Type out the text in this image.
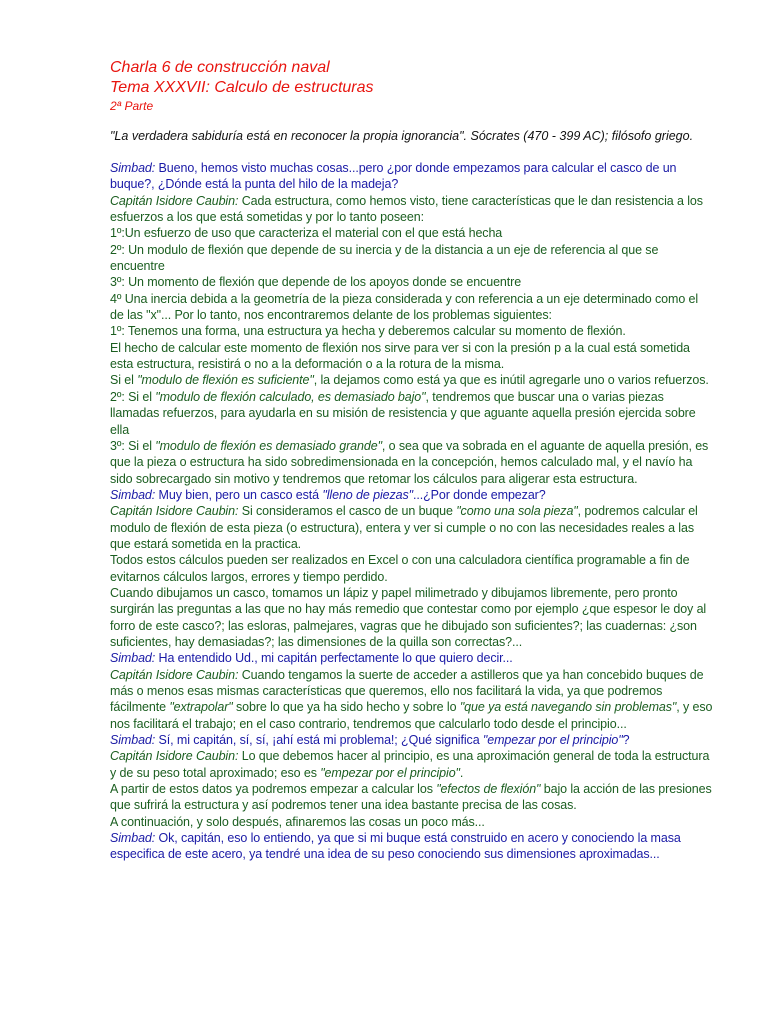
Charla 6 de construcción naval
Tema XXXVII: Calculo de estructuras
2ª Parte
"La verdadera sabiduría está en reconocer la propia ignorancia". Sócrates (470 - 399 AC); filósofo griego.
Simbad: Bueno, hemos visto muchas cosas...pero ¿por donde empezamos para calcular el casco de un buque?, ¿Dónde está la punta del hilo de la madeja?
Capitán Isidore Caubin: Cada estructura, como hemos visto, tiene características que le dan resistencia a los esfuerzos a los que está sometidas y por lo tanto poseen:
1º:Un esfuerzo de uso que caracteriza el material con el que está hecha
2º: Un modulo de flexión que depende de su inercia y de la distancia a un eje de referencia al que se encuentre
3º: Un momento de flexión que depende de los apoyos donde se encuentre
4º Una inercia debida a la geometría de la pieza considerada y con referencia a un eje determinado como el de las "x"... Por lo tanto, nos encontraremos delante de los problemas siguientes:
1º: Tenemos una forma, una estructura ya hecha y deberemos calcular su momento de flexión.
El hecho de calcular este momento de flexión nos sirve para ver si con la presión p a la cual está sometida esta estructura, resistirá o no a la deformación o a la rotura de la misma.
Si el "modulo de flexión es suficiente", la dejamos como está ya que es inútil agregarle uno o varios refuerzos.
2º: Si el "modulo de flexión calculado, es demasiado bajo", tendremos que buscar una o varias piezas llamadas refuerzos, para ayudarla en su misión de resistencia y que aguante aquella presión ejercida sobre ella
3º: Si el "modulo de flexión es demasiado grande", o sea que va sobrada en el aguante de aquella presión, es que la pieza o estructura ha sido sobredimensionada en la concepción, hemos calculado mal, y el navío ha sido sobrecargado sin motivo y tendremos que retomar los cálculos para aligerar esta estructura.
Simbad: Muy bien, pero un casco está "lleno de piezas"...¿Por donde empezar?
Capitán Isidore Caubin: Si consideramos el casco de un buque "como una sola pieza", podremos calcular el modulo de flexión de esta pieza (o estructura), entera y ver si cumple o no con las necesidades reales a las que estará sometida en la practica.
Todos estos cálculos pueden ser realizados en Excel o con una calculadora científica programable a fin de evitarnos cálculos largos, errores y tiempo perdido.
Cuando dibujamos un casco, tomamos un lápiz y papel milimetrado y dibujamos libremente, pero pronto surgirán las preguntas a las que no hay más remedio que contestar como por ejemplo ¿que espesor le doy al forro de este casco?; las esloras, palmejares, vagras que he dibujado son suficientes?; las cuadernas: ¿son suficientes, hay demasiadas?; las dimensiones de la quilla son correctas?...
Simbad: Ha entendido Ud., mi capitán perfectamente lo que quiero decir...
Capitán Isidore Caubin: Cuando tengamos la suerte de acceder a astilleros que ya han concebido buques de más o menos esas mismas características que queremos, ello nos facilitará la vida, ya que podremos fácilmente "extrapolar" sobre lo que ya ha sido hecho y sobre lo "que ya está navegando sin problemas", y eso nos facilitará el trabajo; en el caso contrario, tendremos que calcularlo todo desde el principio...
Simbad: Sí, mi capitán, sí, sí, ¡ahí está mi problema!; ¿Qué significa "empezar por el principio"?
Capitán Isidore Caubin: Lo que debemos hacer al principio, es una aproximación general de toda la estructura y de su peso total aproximado; eso es "empezar por el principio".
A partir de estos datos ya podremos empezar a calcular los "efectos de flexión" bajo la acción de las presiones que sufrirá la estructura y así podremos tener una idea bastante precisa de las cosas.
A continuación, y solo después, afinaremos las cosas un poco más...
Simbad: Ok, capitán, eso lo entiendo, ya que si mi buque está construido en acero y conociendo la masa especifica de este acero, ya tendré una idea de su peso conociendo sus dimensiones aproximadas...
